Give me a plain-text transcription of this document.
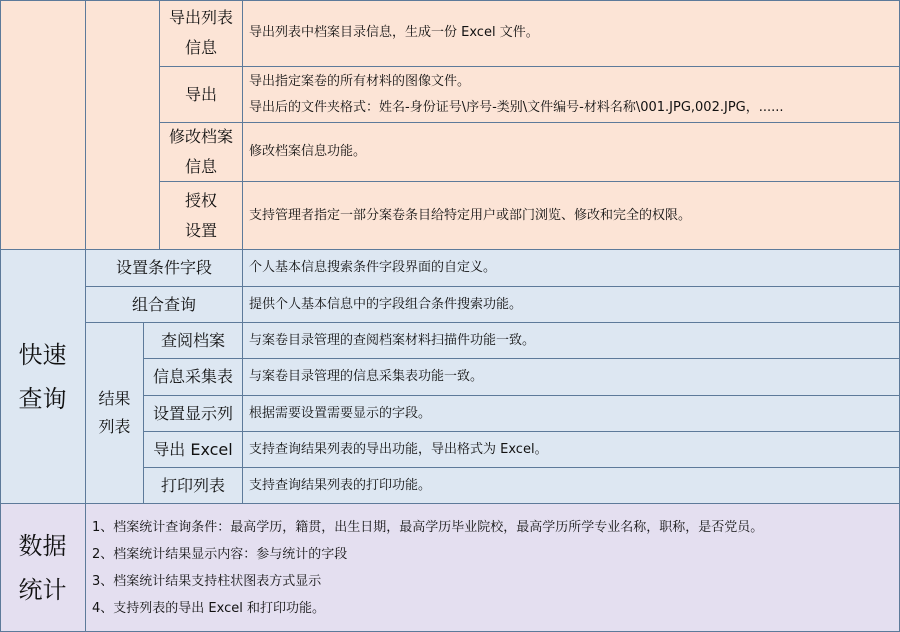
导出列表
信息
导出列表中档案目录信息，生成一份 Excel 文件。
导出
导出指定案卷的所有材料的图像文件。
导出后的文件夹格式：姓名-身份证号\序号-类别\文件编号-材料名称\001.JPG,002.JPG，......
修改档案
信息
修改档案信息功能。
授权
设置
支持管理者指定一部分案卷条目给特定用户或部门浏览、修改和完全的权限。
快速
查询
设置条件字段	个人基本信息搜索条件字段界面的自定义。
组合查询	提供个人基本信息中的字段组合条件搜索功能。
结果
列表
查阅档案 与案卷目录管理的查阅档案材料扫描件功能一致。
信息采集表 与案卷目录管理的信息采集表功能一致。
设置显示列 根据需要设置需要显示的字段。
导出 Excel 支持查询结果列表的导出功能，导出格式为 Excel。
打印列表 支持查询结果列表的打印功能。
数据
统计
1、档案统计查询条件：最高学历，籍贯，出生日期，最高学历毕业院校，最高学历所学专业名称，职称，是否党员。
2、档案统计结果显示内容：参与统计的字段
3、档案统计结果支持柱状图表方式显示
4、支持列表的导出 Excel 和打印功能。
